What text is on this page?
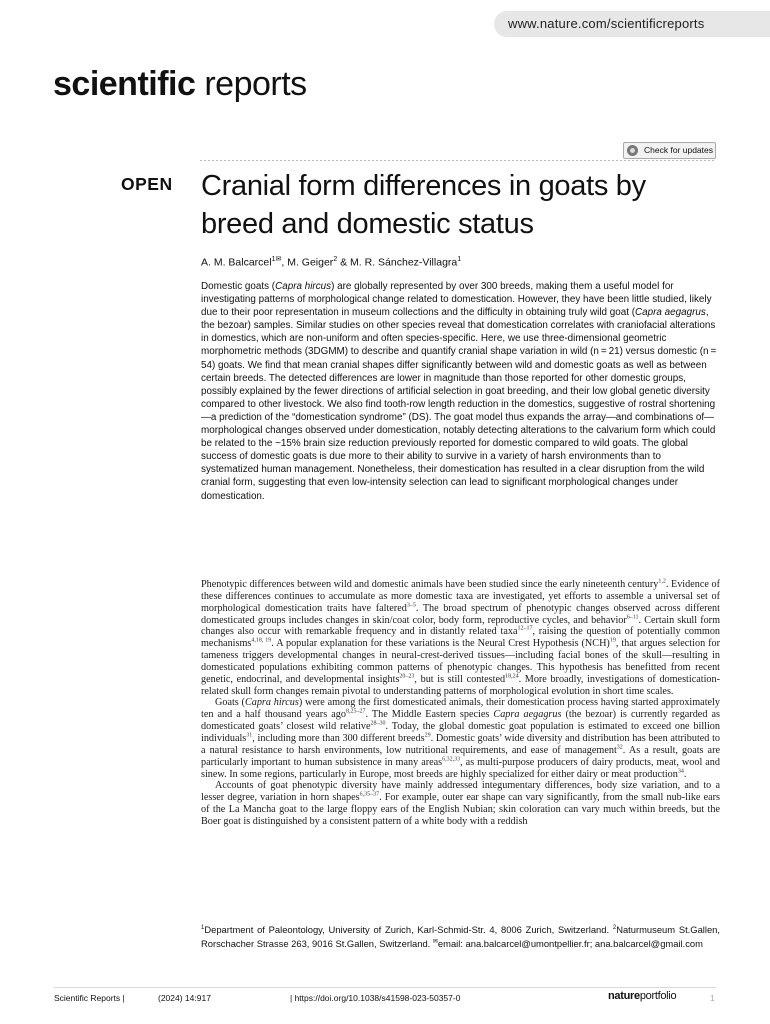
www.nature.com/scientificreports
scientific reports
Check for updates
OPEN Cranial form differences in goats by breed and domestic status
A. M. Balcarcel$^{1✉}$, M. Geiger$^2$ & M. R. Sánchez-Villagra$^1$
Domestic goats (Capra hircus) are globally represented by over 300 breeds, making them a useful model for investigating patterns of morphological change related to domestication. However, they have been little studied, likely due to their poor representation in museum collections and the difficulty in obtaining truly wild goat (Capra aegagrus, the bezoar) samples. Similar studies on other species reveal that domestication correlates with craniofacial alterations in domestics, which are non-uniform and often species-specific. Here, we use three-dimensional geometric morphometric methods (3DGMM) to describe and quantify cranial shape variation in wild (n = 21) versus domestic (n = 54) goats. We find that mean cranial shapes differ significantly between wild and domestic goats as well as between certain breeds. The detected differences are lower in magnitude than those reported for other domestic groups, possibly explained by the fewer directions of artificial selection in goat breeding, and their low global genetic diversity compared to other livestock. We also find tooth-row length reduction in the domestics, suggestive of rostral shortening—a prediction of the “domestication syndrome” (DS). The goat model thus expands the array—and combinations of—morphological changes observed under domestication, notably detecting alterations to the calvarium form which could be related to the ~15% brain size reduction previously reported for domestic compared to wild goats. The global success of domestic goats is due more to their ability to survive in a variety of harsh environments than to systematized human management. Nonetheless, their domestication has resulted in a clear disruption from the wild cranial form, suggesting that even low-intensity selection can lead to significant morphological changes under domestication.

Phenotypic differences between wild and domestic animals have been studied since the early nineteenth century$^{1,2}$. Evidence of these differences continues to accumulate as more domestic taxa are investigated, yet efforts to assemble a universal set of morphological domestication traits have faltered$^{3-5}$. The broad spectrum of phenotypic changes observed across different domesticated groups includes changes in skin/coat color, body form, reproductive cycles, and behavior$^{6-11}$. Certain skull form changes also occur with remarkable frequency and in distantly related taxa$^{12-17}$, raising the question of potentially common mechanisms$^{4,18, 19}$. A popular explanation for these variations is the Neural Crest Hypothesis (NCH)$^{19}$, that argues selection for tameness triggers developmental changes in neural-crest-derived tissues—including facial bones of the skull—resulting in domesticated populations exhibiting common patterns of phenotypic changes. This hypothesis has benefitted from recent genetic, endocrinal, and developmental insights$^{20-23}$, but is still contested$^{18,24}$. More broadly, investigations of domestication-related skull form changes remain pivotal to understanding patterns of morphological evolution in short time scales.

Goats (Capra hircus) were among the first domesticated animals, their domestication process having started approximately ten and a half thousand years ago$^{8,25-27}$. The Middle Eastern species Capra aegagrus (the bezoar) is currently regarded as domesticated goats’ closest wild relative$^{28-30}$. Today, the global domestic goat population is estimated to exceed one billion individuals$^{31}$, including more than 300 different breeds$^{29}$. Domestic goats’ wide diversity and distribution has been attributed to a natural resistance to harsh environments, low nutritional requirements, and ease of management$^{32}$. As a result, goats are particularly important to human subsistence in many areas$^{6,32,33}$, as multi-purpose producers of dairy products, meat, wool and sinew. In some regions, particularly in Europe, most breeds are highly specialized for either dairy or meat production$^{34}$.

Accounts of goat phenotypic diversity have mainly addressed integumentary differences, body size variation, and to a lesser degree, variation in horn shapes$^{6,35-37}$. For example, outer ear shape can vary significantly, from the small nub-like ears of the La Mancha goat to the large floppy ears of the English Nubian; skin coloration can vary much within breeds, but the Boer goat is distinguished by a consistent pattern of a white body with a reddish

$^1$Department of Paleontology, University of Zurich, Karl-Schmid-Str. 4, 8006 Zurich, Switzerland. $^2$Naturmuseum St.Gallen, Rorschacher Strasse 263, 9016 St.Gallen, Switzerland. ✉email: ana.balcarcel@umontpellier.fr; ana.balcarcel@gmail.com
Scientific Reports |	(2024) 14:917	| https://doi.org/10.1038/s41598-023-50357-0	natureportfolio	1
